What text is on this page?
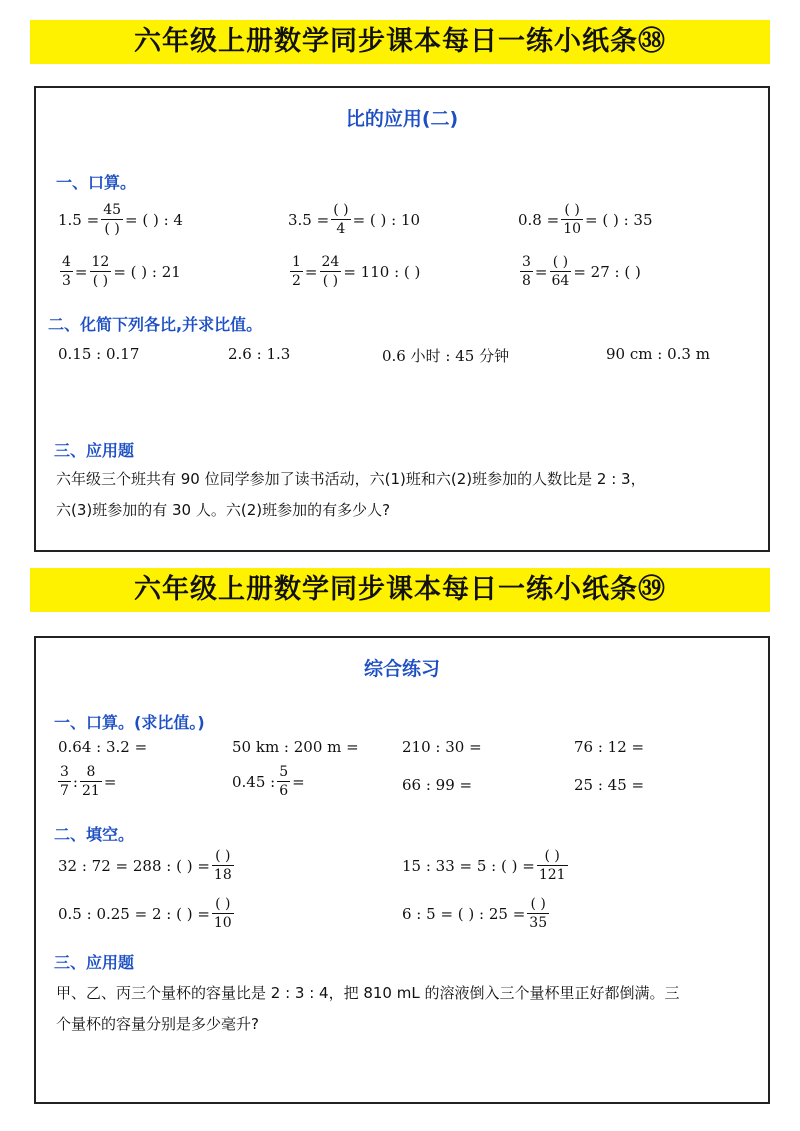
六年级上册数学同步课本每日一练小纸条㊳
比的应用(二)
一、口算。
$1.5 = \frac{45}{( )}$ = ( ) : 4	$3.5 = \frac{( )}{4}$ = ( ) : 10	$0.8 = \frac{( )}{10}$ = ( ) : 35
$\frac{4}{3} = \frac{12}{( )}$ = ( ) : 21	$\frac{1}{2} = \frac{24}{( )} = 110$ : ( )	$\frac{3}{8} = \frac{( )}{64} = 27$ : ( )
二、化简下列各比,并求比值。
0.15 : 0.17	2.6 : 1.3	0.6 小时 : 45 分钟	90 cm : 0.3 m
三、应用题
六年级三个班共有 90 位同学参加了读书活动，六(1)班和六(2)班参加的人数比是 2 : 3，
六(3)班参加的有 30 人。六(2)班参加的有多少人?
六年级上册数学同步课本每日一练小纸条㊴
综合练习
一、口算。(求比值。)
0.64 : 3.2 =	50 km : 200 m =	210 : 30 =	76 : 12 =
$\frac{3}{7}$ : $\frac{8}{21}$ =	0.45 : $\frac{5}{6}$ =	66 : 99 =	25 : 45 =
二、填空。
32 : 72 = 288 : ( ) = $\frac{( )}{18}$	15 : 33 = 5 : ( ) = $\frac{( )}{121}$
0.5 : 0.25 = 2 : ( ) = $\frac{( )}{10}$	6 : 5 = ( ) : $25 = \frac{( )}{35}$
三、应用题
甲、乙、丙三个量杯的容量比是 2 : 3 : 4，把 810 mL 的溶液倒入三个量杯里正好都倒满。三
个量杯的容量分别是多少毫升?
